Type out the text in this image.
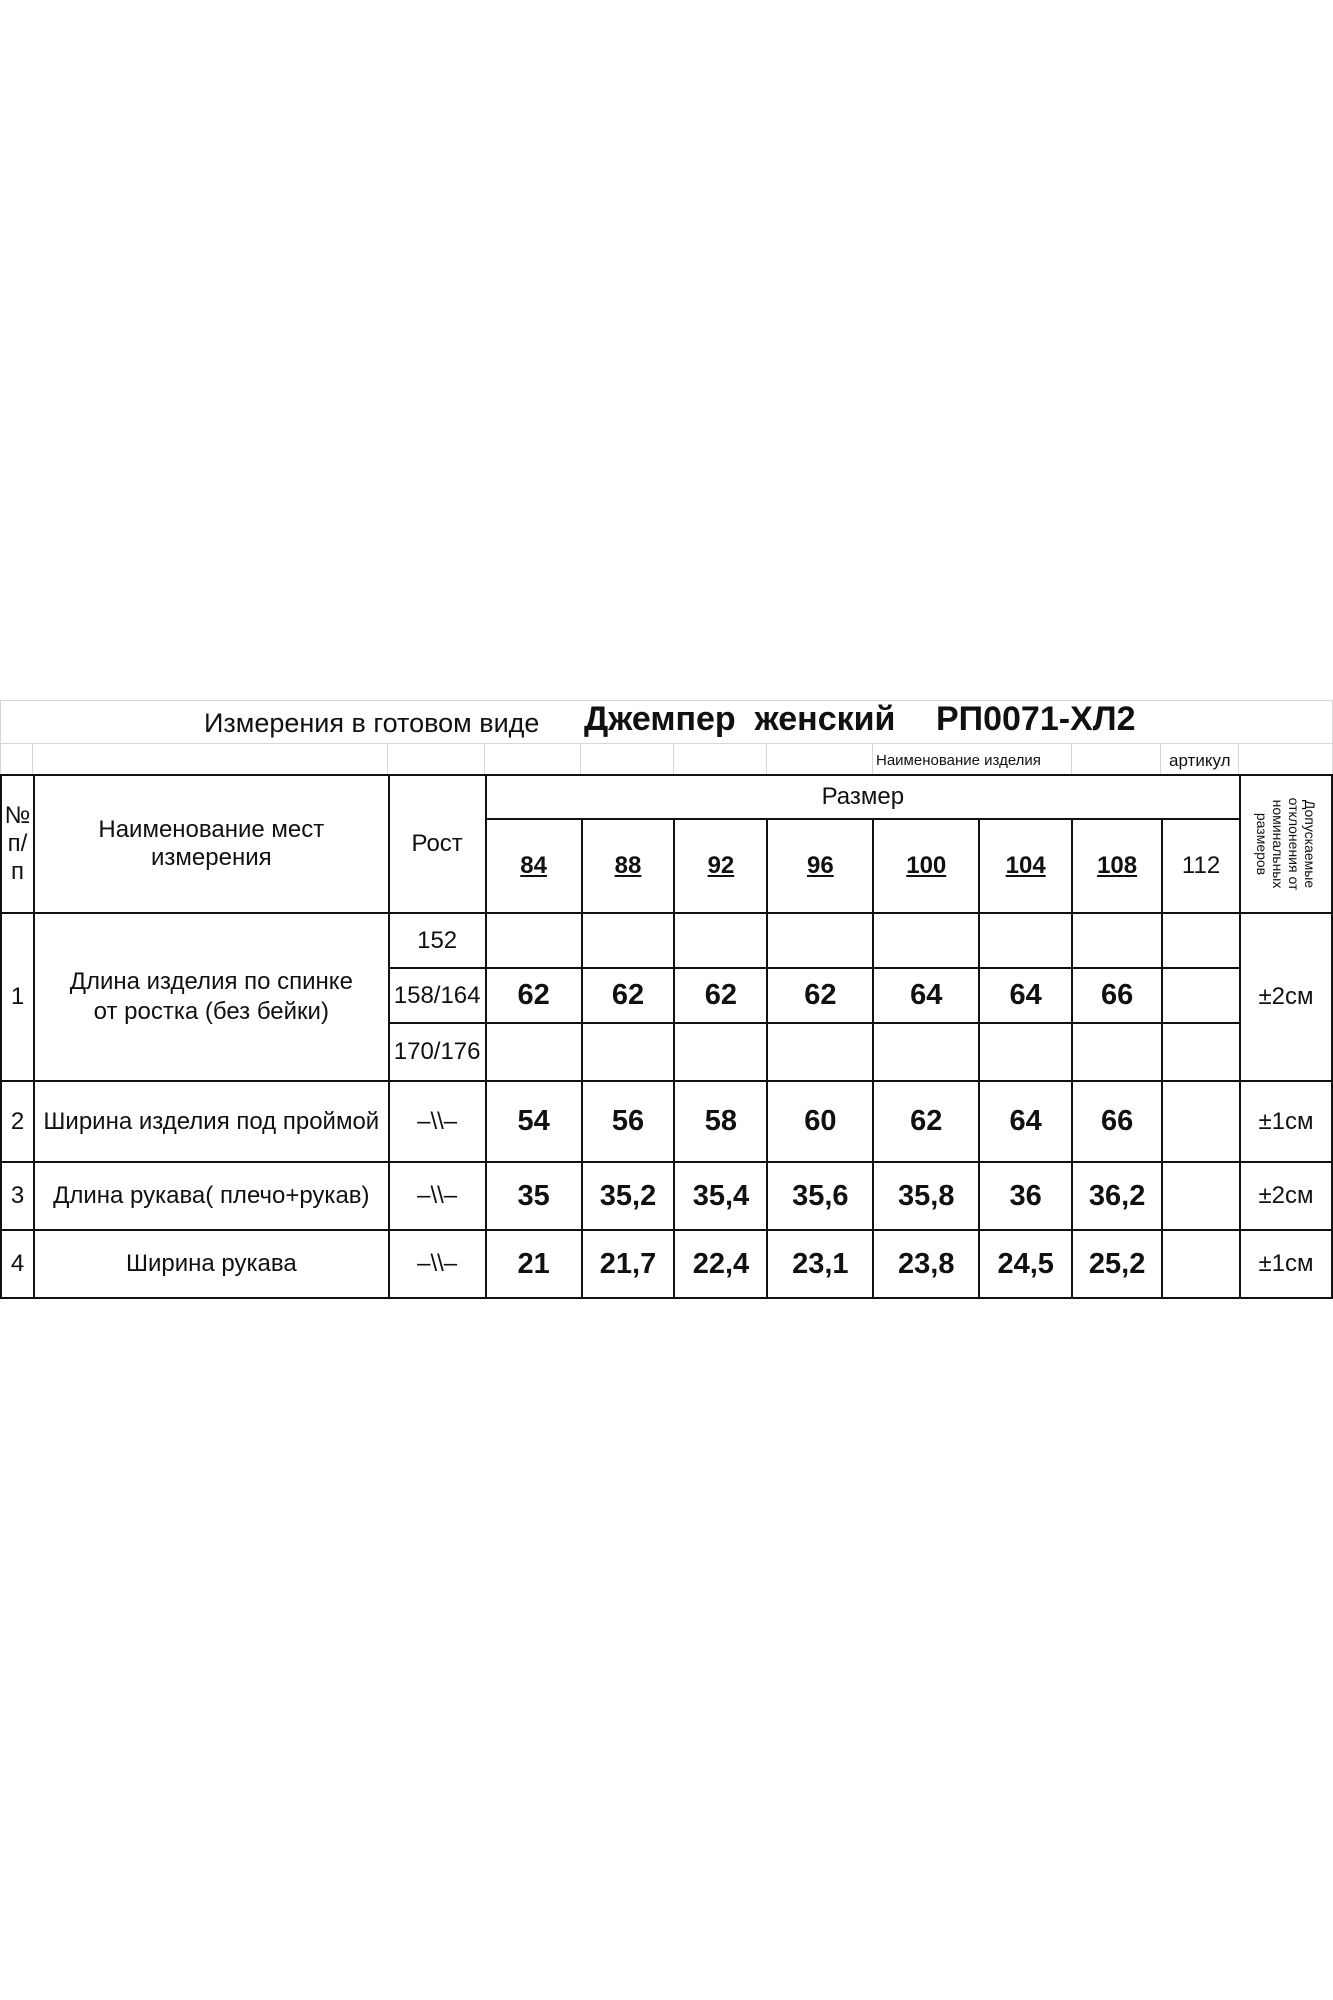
Измерения в готовом виде Джемпер  женский РП0071-ХЛ2
Наименование изделия	артикул
№ п/п	Наименование мест измерения	Рост	Размер								Допускаемые отклонения от номинальных размеров

			84	88	92	96	100	104	108	112	
1	Длина изделия по спинке   от ростка (без бейки)	152									±2см
		158/164	62	62	62	62	64	64	66		
		170/176									
2	Ширина изделия под проймой	–\\–	54	56	58	60	62	64	66		±1см
3	Длина рукава( плечо+рукав)	–\\–	35	35,2	35,4	35,6	35,8	36	36,2		±2см
4	Ширина рукава	–\\–	21	21,7	22,4	23,1	23,8	24,5	25,2		±1см
